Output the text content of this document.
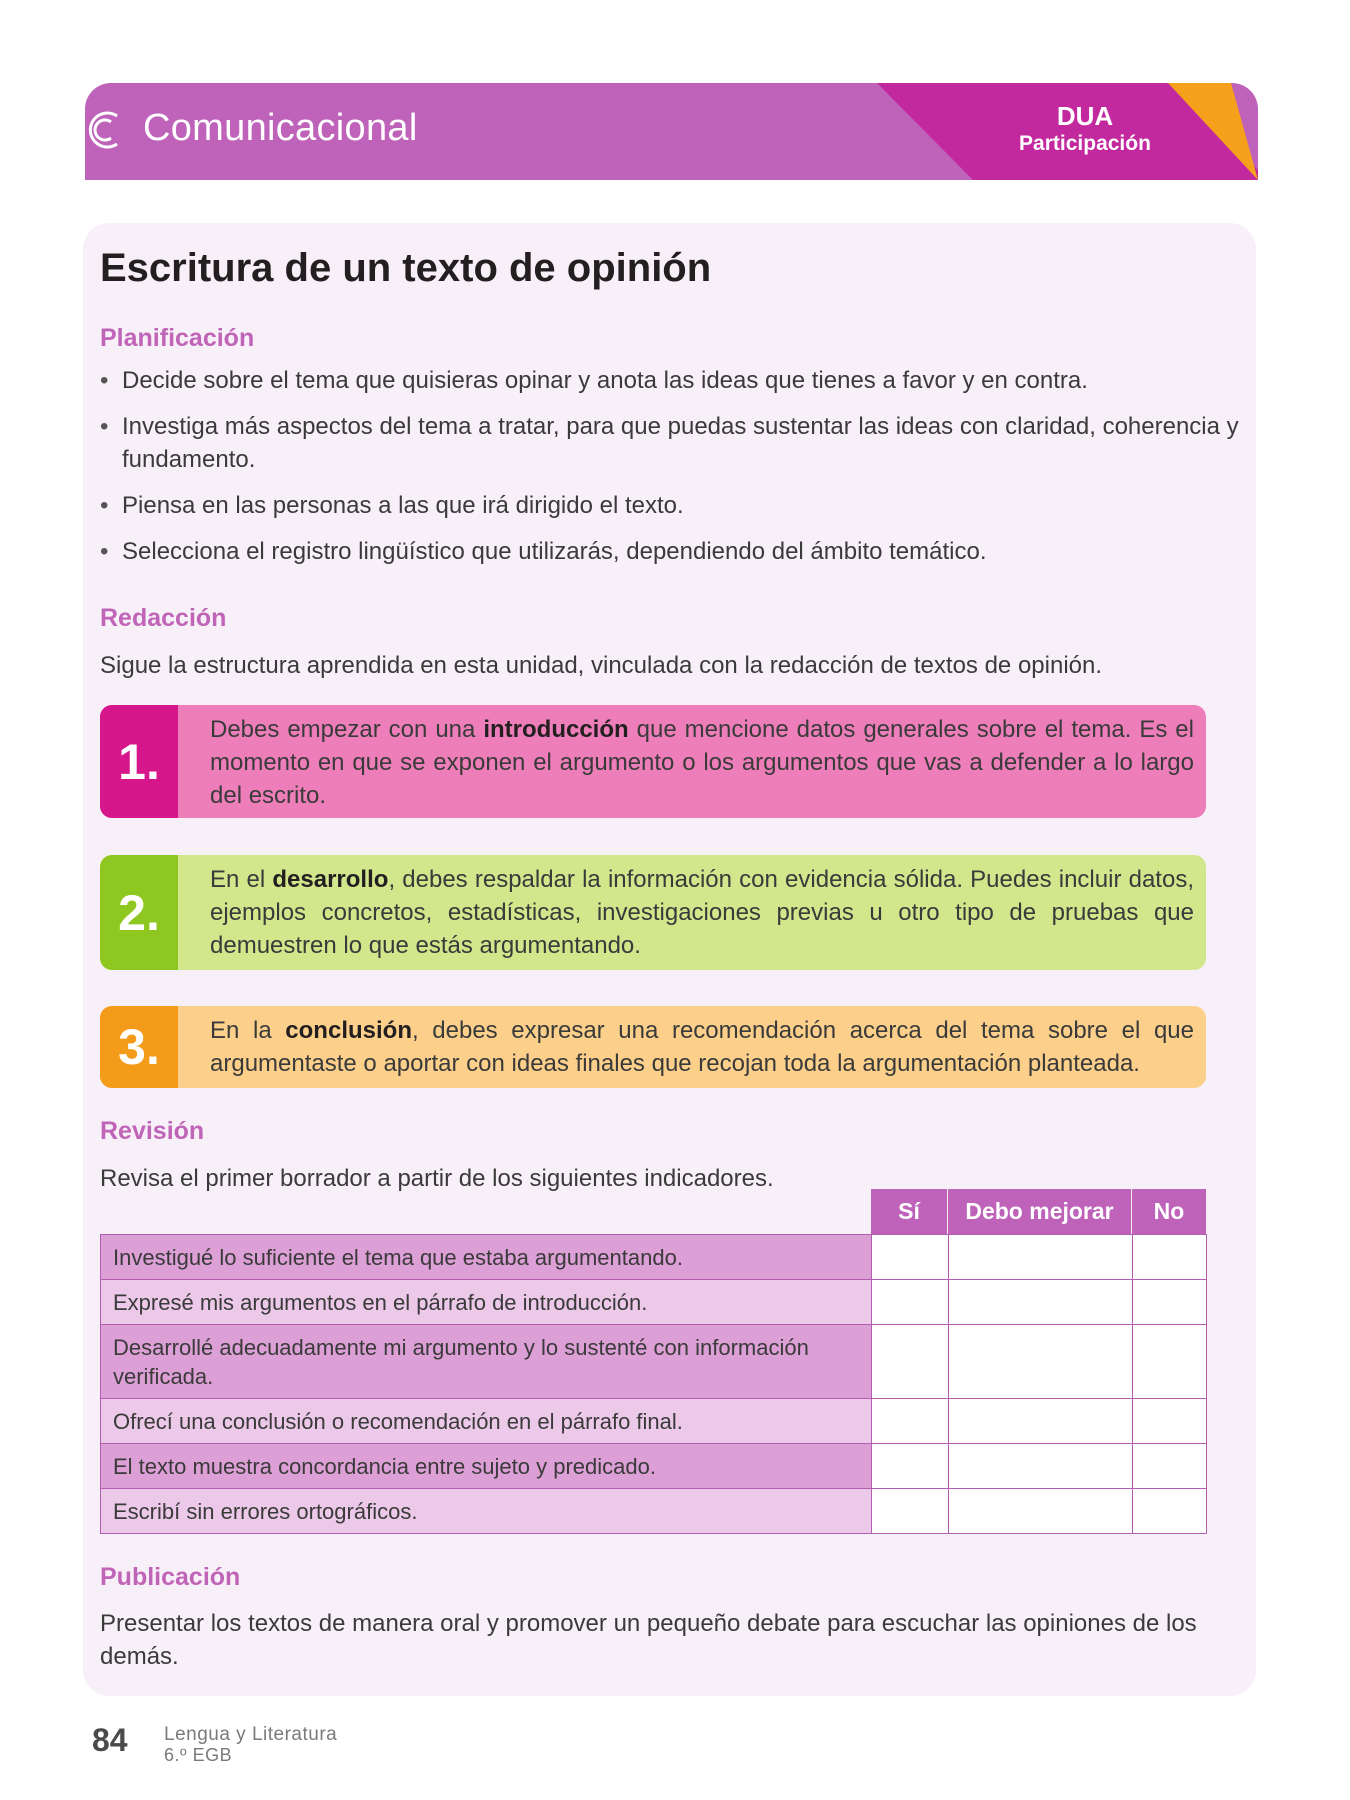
Comunicacional	DUA
Participación
Escritura de un texto de opinión
Planificación
• Decide sobre el tema que quisieras opinar y anota las ideas que tienes a favor y en contra.
• Investiga más aspectos del tema a tratar, para que puedas sustentar las ideas con claridad, coherencia y fundamento.
• Piensa en las personas a las que irá dirigido el texto.
• Selecciona el registro lingüístico que utilizarás, dependiendo del ámbito temático.
Redacción

Sigue la estructura aprendida en esta unidad, vinculada con la redacción de textos de opinión.

1.
Debes empezar con una introducción que mencione datos generales sobre el tema. Es el momento en que se exponen el argumento o los argumentos que vas a defender a lo largo del escrito.
2.
En el desarrollo, debes respaldar la información con evidencia sólida. Puedes incluir datos, ejemplos concretos, estadísticas, investigaciones previas u otro tipo de pruebas que demuestren lo que estás argumentando.
3.	En la conclusión, debes expresar una recomendación acerca del tema sobre el que argumentaste o aportar con ideas finales que recojan toda la argumentación planteada.
Revisión

Revisa el primer borrador a partir de los siguientes indicadores.

Sí	Debo mejorar	No
Investigué lo suficiente el tema que estaba argumentando.
Expresé mis argumentos en el párrafo de introducción.
Desarrollé adecuadamente mi argumento y lo sustenté con información verificada.
Ofrecí una conclusión o recomendación en el párrafo final.
El texto muestra concordancia entre sujeto y predicado.
Escribí sin errores ortográficos.
Publicación

Presentar los textos de manera oral y promover un pequeño debate para escuchar las opiniones de los demás.

84 Lengua y Literatura
6.º EGB
